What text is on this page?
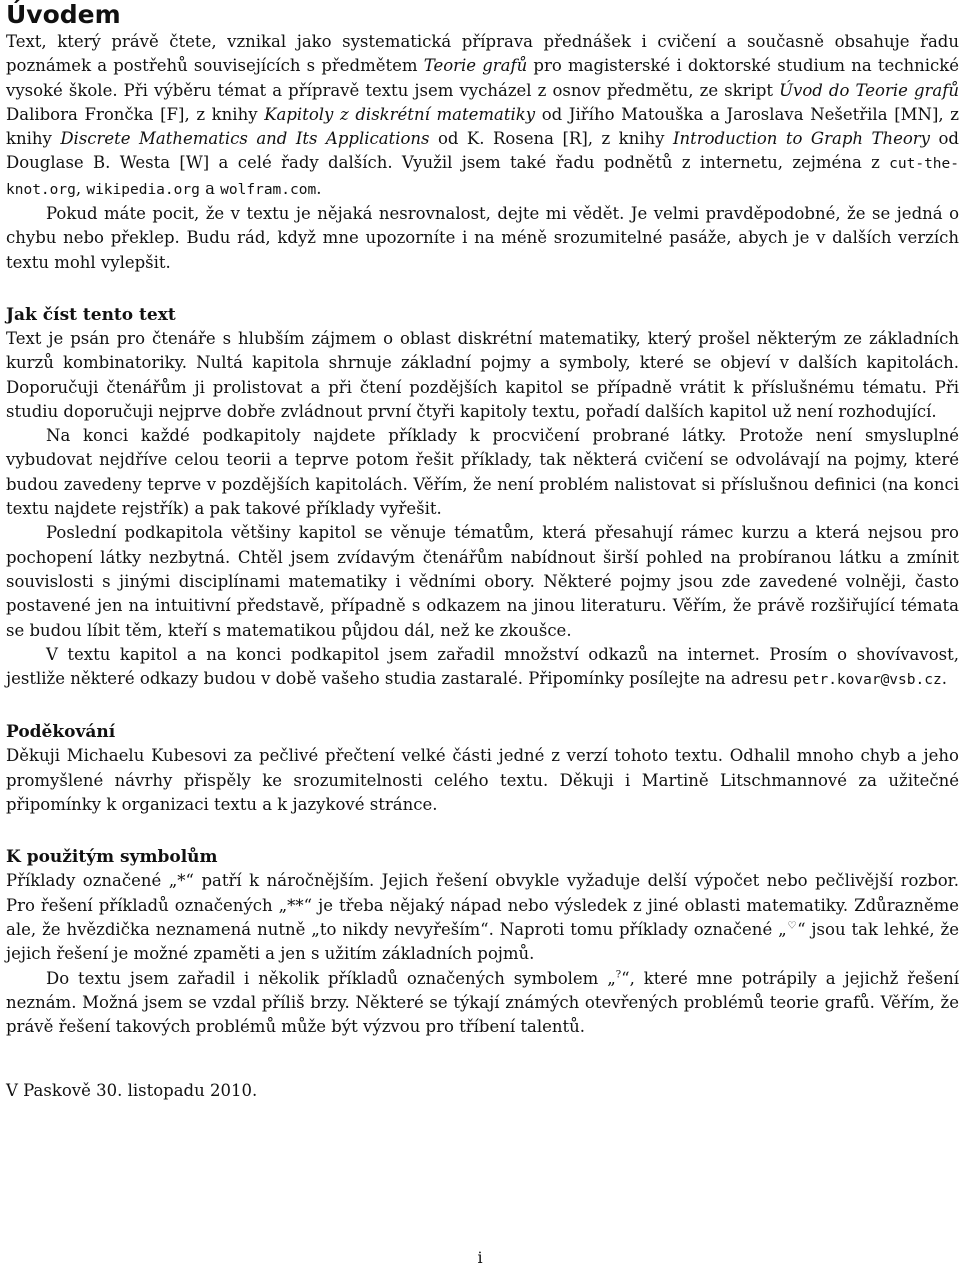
Úvodem

Text, který právě čtete, vznikal jako systematická příprava přednášek i cvičení a současně obsahuje řadu poznámek a postřehů souvisejících s předmětem Teorie grafů pro magisterské i doktorské studium na technické vysoké škole. Při výběru témat a přípravě textu jsem vycházel z osnov předmětu, ze skript Úvod do Teorie grafů Dalibora Frončka [F], z knihy Kapitoly z diskrétní matematiky od Jiřího Matouška a Jaroslava Nešetřila [MN], z knihy Discrete Mathematics and Its Applications od K. Rosena [R], z knihy Introduction to Graph Theory od Douglase B. Westa [W] a celé řady dalších. Využil jsem také řadu podnětů z internetu, zejména z cut-the-knot.org, wikipedia.org a wolfram.com.

Pokud máte pocit, že v textu je nějaká nesrovnalost, dejte mi vědět. Je velmi pravděpodobné, že se jedná o chybu nebo překlep. Budu rád, když mne upozorníte i na méně srozumitelné pasáže, abych je v dalších verzích textu mohl vylepšit.

Jak číst tento text

Text je psán pro čtenáře s hlubším zájmem o oblast diskrétní matematiky, který prošel některým ze základních kurzů kombinatoriky. Nultá kapitola shrnuje základní pojmy a symboly, které se objeví v dalších kapitolách. Doporučuji čtenářům ji prolistovat a při čtení pozdějších kapitol se případně vrátit k příslušnému tématu. Při studiu doporučuji nejprve dobře zvládnout první čtyři kapitoly textu, pořadí dalších kapitol už není rozhodující.

Na konci každé podkapitoly najdete příklady k procvičení probrané látky. Protože není smysluplné vybudovat nejdříve celou teorii a teprve potom řešit příklady, tak některá cvičení se odvolávají na pojmy, které budou zavedeny teprve v pozdějších kapitolách. Věřím, že není problém nalistovat si příslušnou definici (na konci textu najdete rejstřík) a pak takové příklady vyřešit.

Poslední podkapitola většiny kapitol se věnuje tématům, která přesahují rámec kurzu a která nejsou pro pochopení látky nezbytná. Chtěl jsem zvídavým čtenářům nabídnout širší pohled na probíranou látku a zmínit souvislosti s jinými disciplínami matematiky i vědními obory. Některé pojmy jsou zde zavedené volněji, často postavené jen na intuitivní představě, případně s odkazem na jinou literaturu. Věřím, že právě rozšiřující témata se budou líbit těm, kteří s matematikou půjdou dál, než ke zkoušce.

V textu kapitol a na konci podkapitol jsem zařadil množství odkazů na internet. Prosím o shovívavost, jestliže některé odkazy budou v době vašeho studia zastaralé. Připomínky posílejte na adresu petr.kovar@vsb.cz.

Poděkování

Děkuji Michaelu Kubesovi za pečlivé přečtení velké části jedné z verzí tohoto textu. Odhalil mnoho chyb a jeho promyšlené návrhy přispěly ke srozumitelnosti celého textu. Děkuji i Martině Litschmannové za užitečné připomínky k organizaci textu a k jazykové stránce.

K použitým symbolům

Příklady označené „*“ patří k náročnějším. Jejich řešení obvykle vyžaduje delší výpočet nebo pečlivější rozbor. Pro řešení příkladů označených „**“ je třeba nějaký nápad nebo výsledek z jiné oblasti matematiky. Zdůrazněme ale, že hvězdička neznamená nutně „to nikdy nevyřeším“. Naproti tomu příklady označené „♡“ jsou tak lehké, že jejich řešení je možné zpaměti a jen s užitím základních pojmů.

Do textu jsem zařadil i několik příkladů označených symbolem „?“, které mne potrápily a jejichž řešení neznám. Možná jsem se vzdal příliš brzy. Některé se týkají známých otevřených problémů teorie grafů. Věřím, že právě řešení takových problémů může být výzvou pro tříbení talentů.

V Paskově 30. listopadu 2010.
i
